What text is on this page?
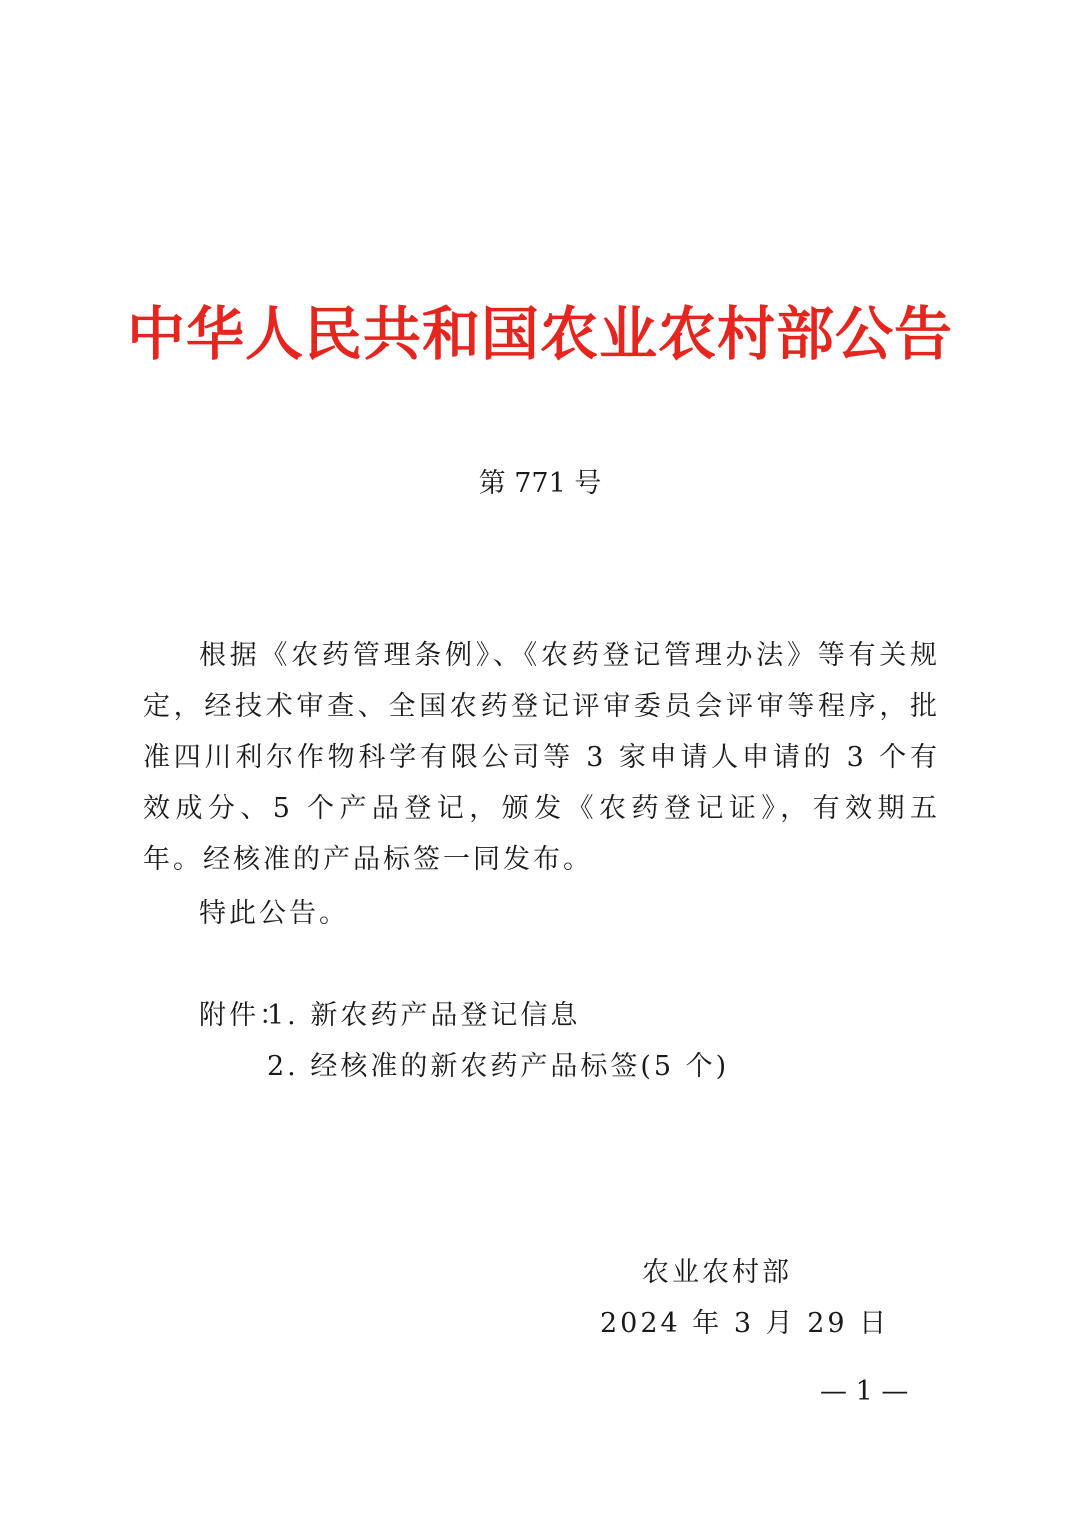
中华人民共和国农业农村部公告
第 771 号

根据《农药管理条例》、《农药登记管理办法》等有关规定，经技术审查、全国农药登记评审委员会评审等程序，批准四川利尔作物科学有限公司等 3 家申请人申请的 3 个有效成分、5 个产品登记，颁发《农药登记证》，有效期五年。经核准的产品标签一同发布。

特此公告。
附件：
1. 新农药产品登记信息
2. 经核准的新农药产品标签(5 个)
农业农村部
2024 年 3 月 29 日
— 1 —
